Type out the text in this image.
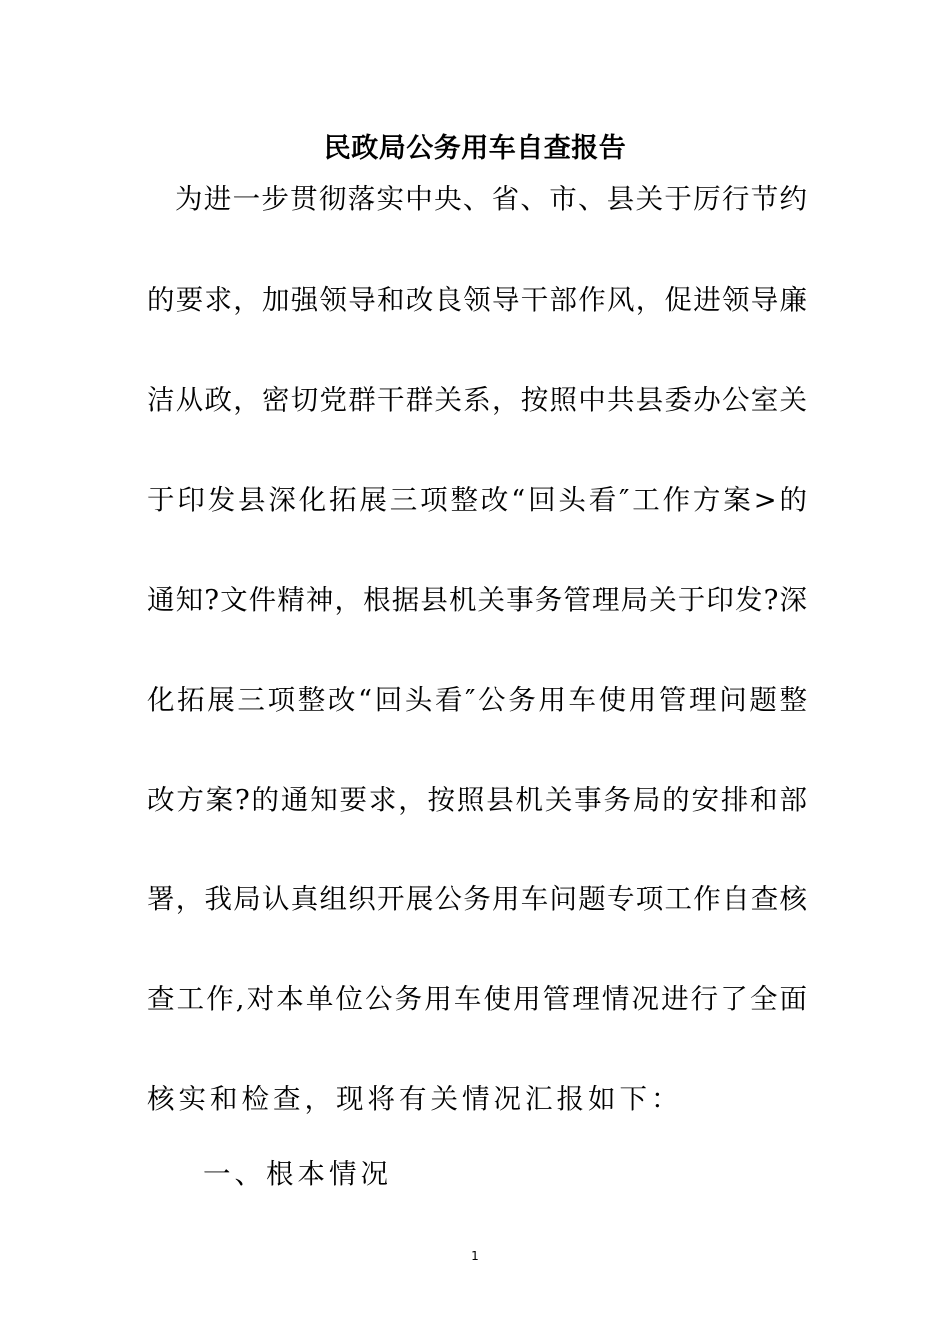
民政局公务用车自查报告
为进一步贯彻落实中央、省、市、县关于厉行节约
的要求，加强领导和改良领导干部作风，促进领导廉
洁从政，密切党群干群关系，按照中共县委办公室关
于印发县深化拓展三项整改“回头看″工作方案>的
通知?文件精神，根据县机关事务管理局关于印发?深
化拓展三项整改“回头看″公务用车使用管理问题整
改方案?的通知要求，按照县机关事务局的安排和部
署，我局认真组织开展公务用车问题专项工作自查核
查工作,对本单位公务用车使用管理情况进行了全面
核实和检查，现将有关情况汇报如下：
一、根本情况
1
